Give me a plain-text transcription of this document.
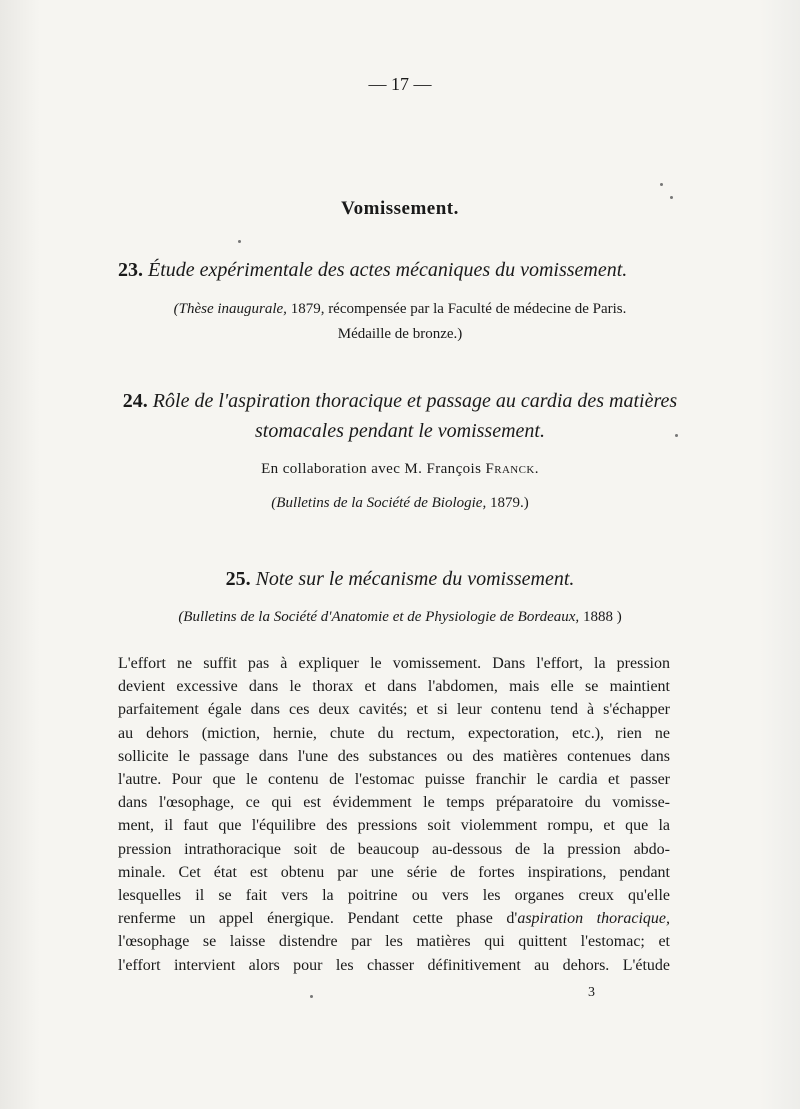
— 17 —
Vomissement.
23. Étude expérimentale des actes mécaniques du vomissement.
(Thèse inaugurale, 1879, récompensée par la Faculté de médecine de Paris.
Médaille de bronze.)
24. Rôle de l'aspiration thoracique et passage au cardia des matières
stomacales pendant le vomissement.
En collaboration avec M. François Franck.
(Bulletins de la Société de Biologie, 1879.)
25. Note sur le mécanisme du vomissement.
(Bulletins de la Société d'Anatomie et de Physiologie de Bordeaux, 1888 )
L'effort ne suffit pas à expliquer le vomissement. Dans l'effort, la pression
devient excessive dans le thorax et dans l'abdomen, mais elle se maintient
parfaitement égale dans ces deux cavités; et si leur contenu tend à s'échapper
au dehors (miction, hernie, chute du rectum, expectoration, etc.), rien ne
sollicite le passage dans l'une des substances ou des matières contenues dans
l'autre. Pour que le contenu de l'estomac puisse franchir le cardia et passer
dans l'œsophage, ce qui est évidemment le temps préparatoire du vomisse-
ment, il faut que l'équilibre des pressions soit violemment rompu, et que la
pression intrathoracique soit de beaucoup au-dessous de la pression abdo-
minale. Cet état est obtenu par une série de fortes inspirations, pendant
lesquelles il se fait vers la poitrine ou vers les organes creux qu'elle
renferme un appel énergique. Pendant cette phase d'aspiration thoracique,
l'œsophage se laisse distendre par les matières qui quittent l'estomac; et
l'effort intervient alors pour les chasser définitivement au dehors. L'étude
3
